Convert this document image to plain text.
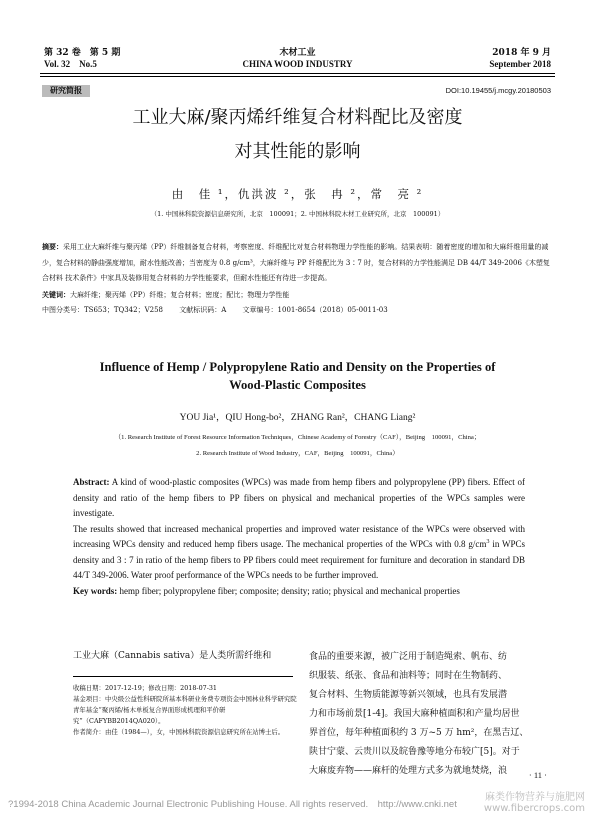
第 32 卷　第 5 期
Vol. 32　No.5
木材工业
CHINA WOOD INDUSTRY
2018 年 9 月
September 2018
研究简报	DOI:10.19455/j.mcgy.20180503
工业大麻/聚丙烯纤维复合材料配比及密度
对其性能的影响
由　佳 ¹，仇洪波 ²，张　冉 ²，常　亮 ²
（1. 中国林科院资源信息研究所，北京　100091；2. 中国林科院木材工业研究所，北京　100091）

摘要：采用工业大麻纤维与聚丙烯（PP）纤维制备复合材料，考察密度、纤维配比对复合材料物理力学性能的影响。结果表明：随着密度的增加和大麻纤维用量的减少，复合材料的静曲强度增加，耐水性能改善；当密度为 0.8 g/cm³，大麻纤维与 PP 纤维配比为 3∶7 时，复合材料的力学性能满足 DB 44/T 349-2006《木塑复合材料 技术条件》中家具及装修用复合材料的力学性能要求，但耐水性能还有待进一步提高。

关键词：大麻纤维；聚丙烯（PP）纤维；复合材料；密度；配比；物理力学性能

中图分类号：TS653；TQ342；V258　　 文献标识码：A　　 文章编号：1001-8654（2018）05-0011-03

Influence of Hemp / Polypropylene Ratio and Density on the Properties of
Wood-Plastic Composites
YOU Jia¹，QIU Hong-bo²，ZHANG Ran²，CHANG Liang²
（1. Research Institute of Forest Resource Information Techniques，Chinese Academy of Forestry（CAF），Beijing　100091，China；
2. Research Institute of Wood Industry，CAF，Beijing　100091，China）

Abstract: A kind of wood-plastic composites (WPCs) was made from hemp fibers and polypropylene (PP) fibers. Effect of density and ratio of the hemp fibers to PP fibers on physical and mechanical properties of the WPCs samples were investigate.

The results showed that increased mechanical properties and improved water resistance of the WPCs were observed with increasing WPCs density and reduced hemp fibers usage. The mechanical properties of the WPCs with 0.8 $g/cm^3$ in WPCs density and 3 : 7 in ratio of the hemp fibers to PP fibers could meet requirement for furniture and decoration in standard DB 44/T 349-2006. Water proof performance of the WPCs needs to be further improved.

Key words: hemp fiber; polypropylene fiber; composite; density; ratio; physical and mechanical properties

工业大麻（Cannabis sativa）是人类所需纤维和

收稿日期：2017-12-19；修改日期：2018-07-31

基金项目：中央级公益性科研院所基本科研业务费专项资金中国林业科学研究院青年基金“聚丙烯/杨木单板复合界面形成机理和平价研究”（CAFYBB2014QA020）。

作者简介：由佳（1984—），女，中国林科院资源信息研究所在站博士后。

食品的重要来源，被广泛用于制造绳索、帆布、纺

织服装、纸张、食品和油料等；同时在生物制药、

复合材料、生物质能源等新兴领域，也具有发展潜

力和市场前景[1-4]。我国大麻种植面积和产量均居世

界首位，每年种植面积约 3 万~5 万 hm²，在黑吉辽、

陕甘宁蒙、云贵川以及皖鲁豫等地分布较广[5]。对于

大麻废弃物——麻杆的处理方式多为就地焚烧，浪	· 11 ·
?1994-2018 China Academic Journal Electronic Publishing House. All rights reserved.　http://www.cnki.net
麻类作物营养与施肥网
www.fibercrops.com
